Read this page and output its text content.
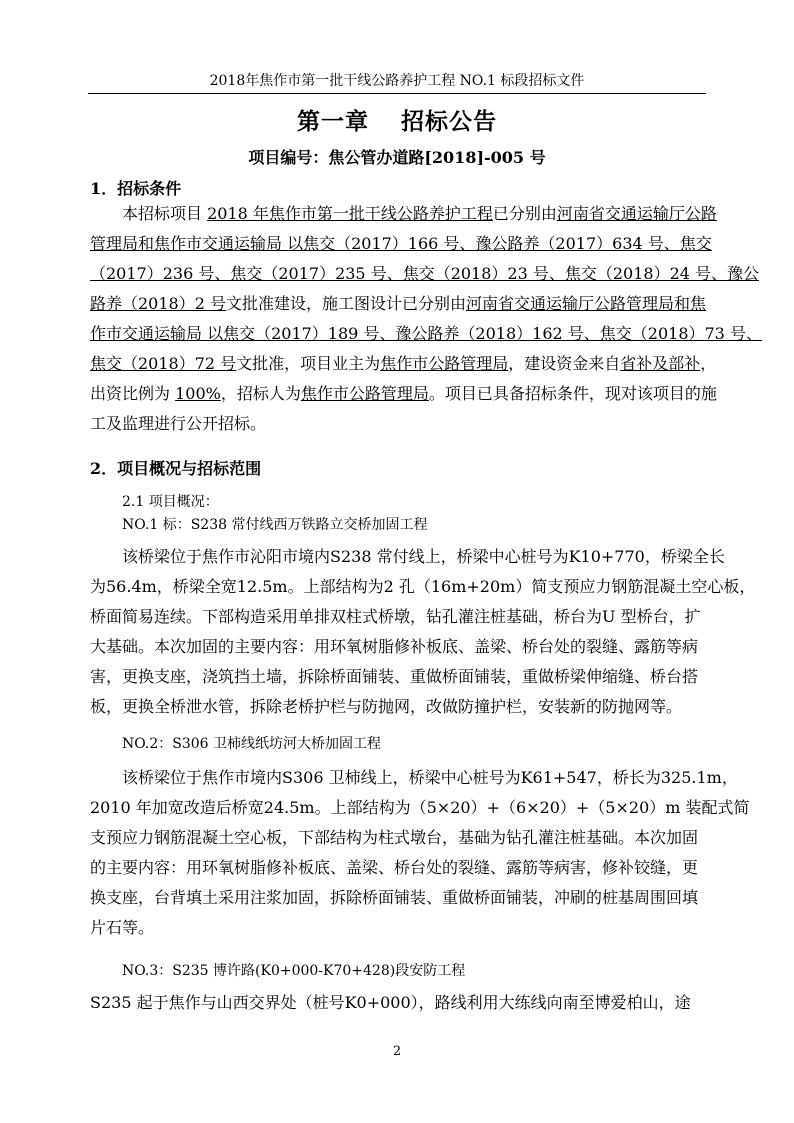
2018年焦作市第一批干线公路养护工程 NO.1 标段招标文件
第一章 招标公告
项目编号：焦公管办道路[2018]-005 号
1．招标条件
本招标项目 2018 年焦作市第一批干线公路养护工程已分别由河南省交通运输厅公路
管理局和焦作市交通运输局 以焦交（2017）166 号、豫公路养（2017）634 号、焦交
（2017）236 号、焦交（2017）235 号、焦交（2018）23 号、焦交（2018）24 号、豫公
路养（2018）2 号文批准建设，施工图设计已分别由河南省交通运输厅公路管理局和焦
作市交通运输局 以焦交（2017）189 号、豫公路养（2018）162 号、焦交（2018）73 号、
焦交（2018）72 号文批准，项目业主为焦作市公路管理局，建设资金来自省补及部补，
出资比例为 100%，招标人为焦作市公路管理局。项目已具备招标条件，现对该项目的施
工及监理进行公开招标。
2．项目概况与招标范围
2.1 项目概况：
NO.1 标：S238 常付线西万铁路立交桥加固工程
该桥梁位于焦作市沁阳市境内S238 常付线上，桥梁中心桩号为K10+770，桥梁全长
为56.4m，桥梁全宽12.5m。上部结构为2 孔（16m+20m）简支预应力钢筋混凝土空心板，
桥面简易连续。下部构造采用单排双柱式桥墩，钻孔灌注桩基础，桥台为U 型桥台，扩
大基础。本次加固的主要内容：用环氧树脂修补板底、盖梁、桥台处的裂缝、露筋等病
害，更换支座，浇筑挡土墙，拆除桥面铺装、重做桥面铺装，重做桥梁伸缩缝、桥台搭
板，更换全桥泄水管，拆除老桥护栏与防抛网，改做防撞护栏，安装新的防抛网等。
NO.2：S306 卫柿线纸坊河大桥加固工程
该桥梁位于焦作市境内S306 卫柿线上，桥梁中心桩号为K61+547，桥长为325.1m，
2010 年加宽改造后桥宽24.5m。上部结构为（5×20）+（6×20）+（5×20）m 装配式简
支预应力钢筋混凝土空心板，下部结构为柱式墩台，基础为钻孔灌注桩基础。本次加固
的主要内容：用环氧树脂修补板底、盖梁、桥台处的裂缝、露筋等病害，修补铰缝，更
换支座，台背填土采用注浆加固，拆除桥面铺装、重做桥面铺装，冲刷的桩基周围回填
片石等。
NO.3：S235 博许路(K0+000-K70+428)段安防工程
S235 起于焦作与山西交界处（桩号K0+000），路线利用大练线向南至博爱柏山，途
2
